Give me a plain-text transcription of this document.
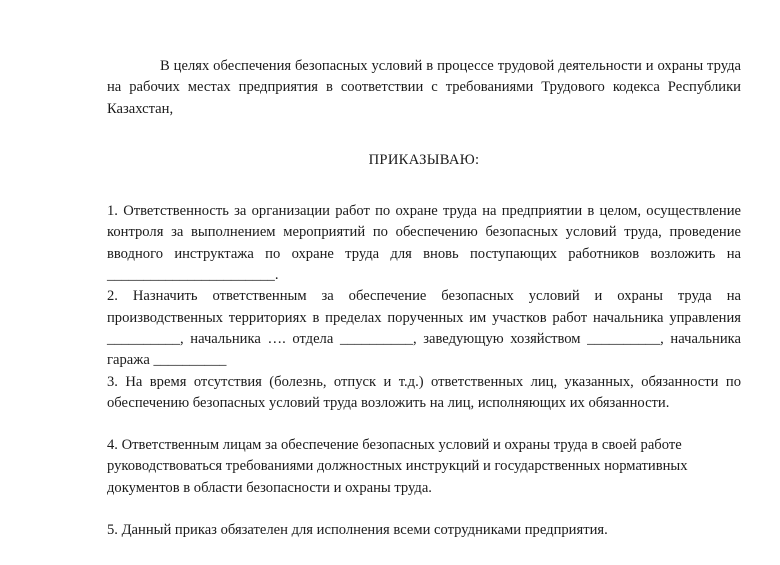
В целях обеспечения безопасных условий в процессе трудовой деятельности и охраны труда на рабочих местах предприятия в соответствии с требованиями Трудового кодекса Республики Казахстан,

ПРИКАЗЫВАЮ:

1. Ответственность за организации работ по охране труда на предприятии в целом, осуществление контроля за выполнением мероприятий по обеспечению безопасных условий труда, проведение вводного инструктажа по охране труда для вновь поступающих работников возложить на _______________________.

2. Назначить ответственным за обеспечение безопасных условий и охраны труда на производственных территориях в пределах порученных им участков работ начальника управления __________, начальника …. отдела __________, заведующую хозяйством __________, начальника гаража __________

3. На время отсутствия (болезнь, отпуск и т.д.) ответственных лиц, указанных, обязанности по обеспечению безопасных условий труда возложить на лиц, исполняющих их обязанности.

4. Ответственным лицам за обеспечение безопасных условий и охраны труда в своей работе руководствоваться требованиями должностных инструкций и государственных нормативных документов в области безопасности и охраны труда.

5. Данный приказ обязателен для исполнения всеми сотрудниками предприятия.
